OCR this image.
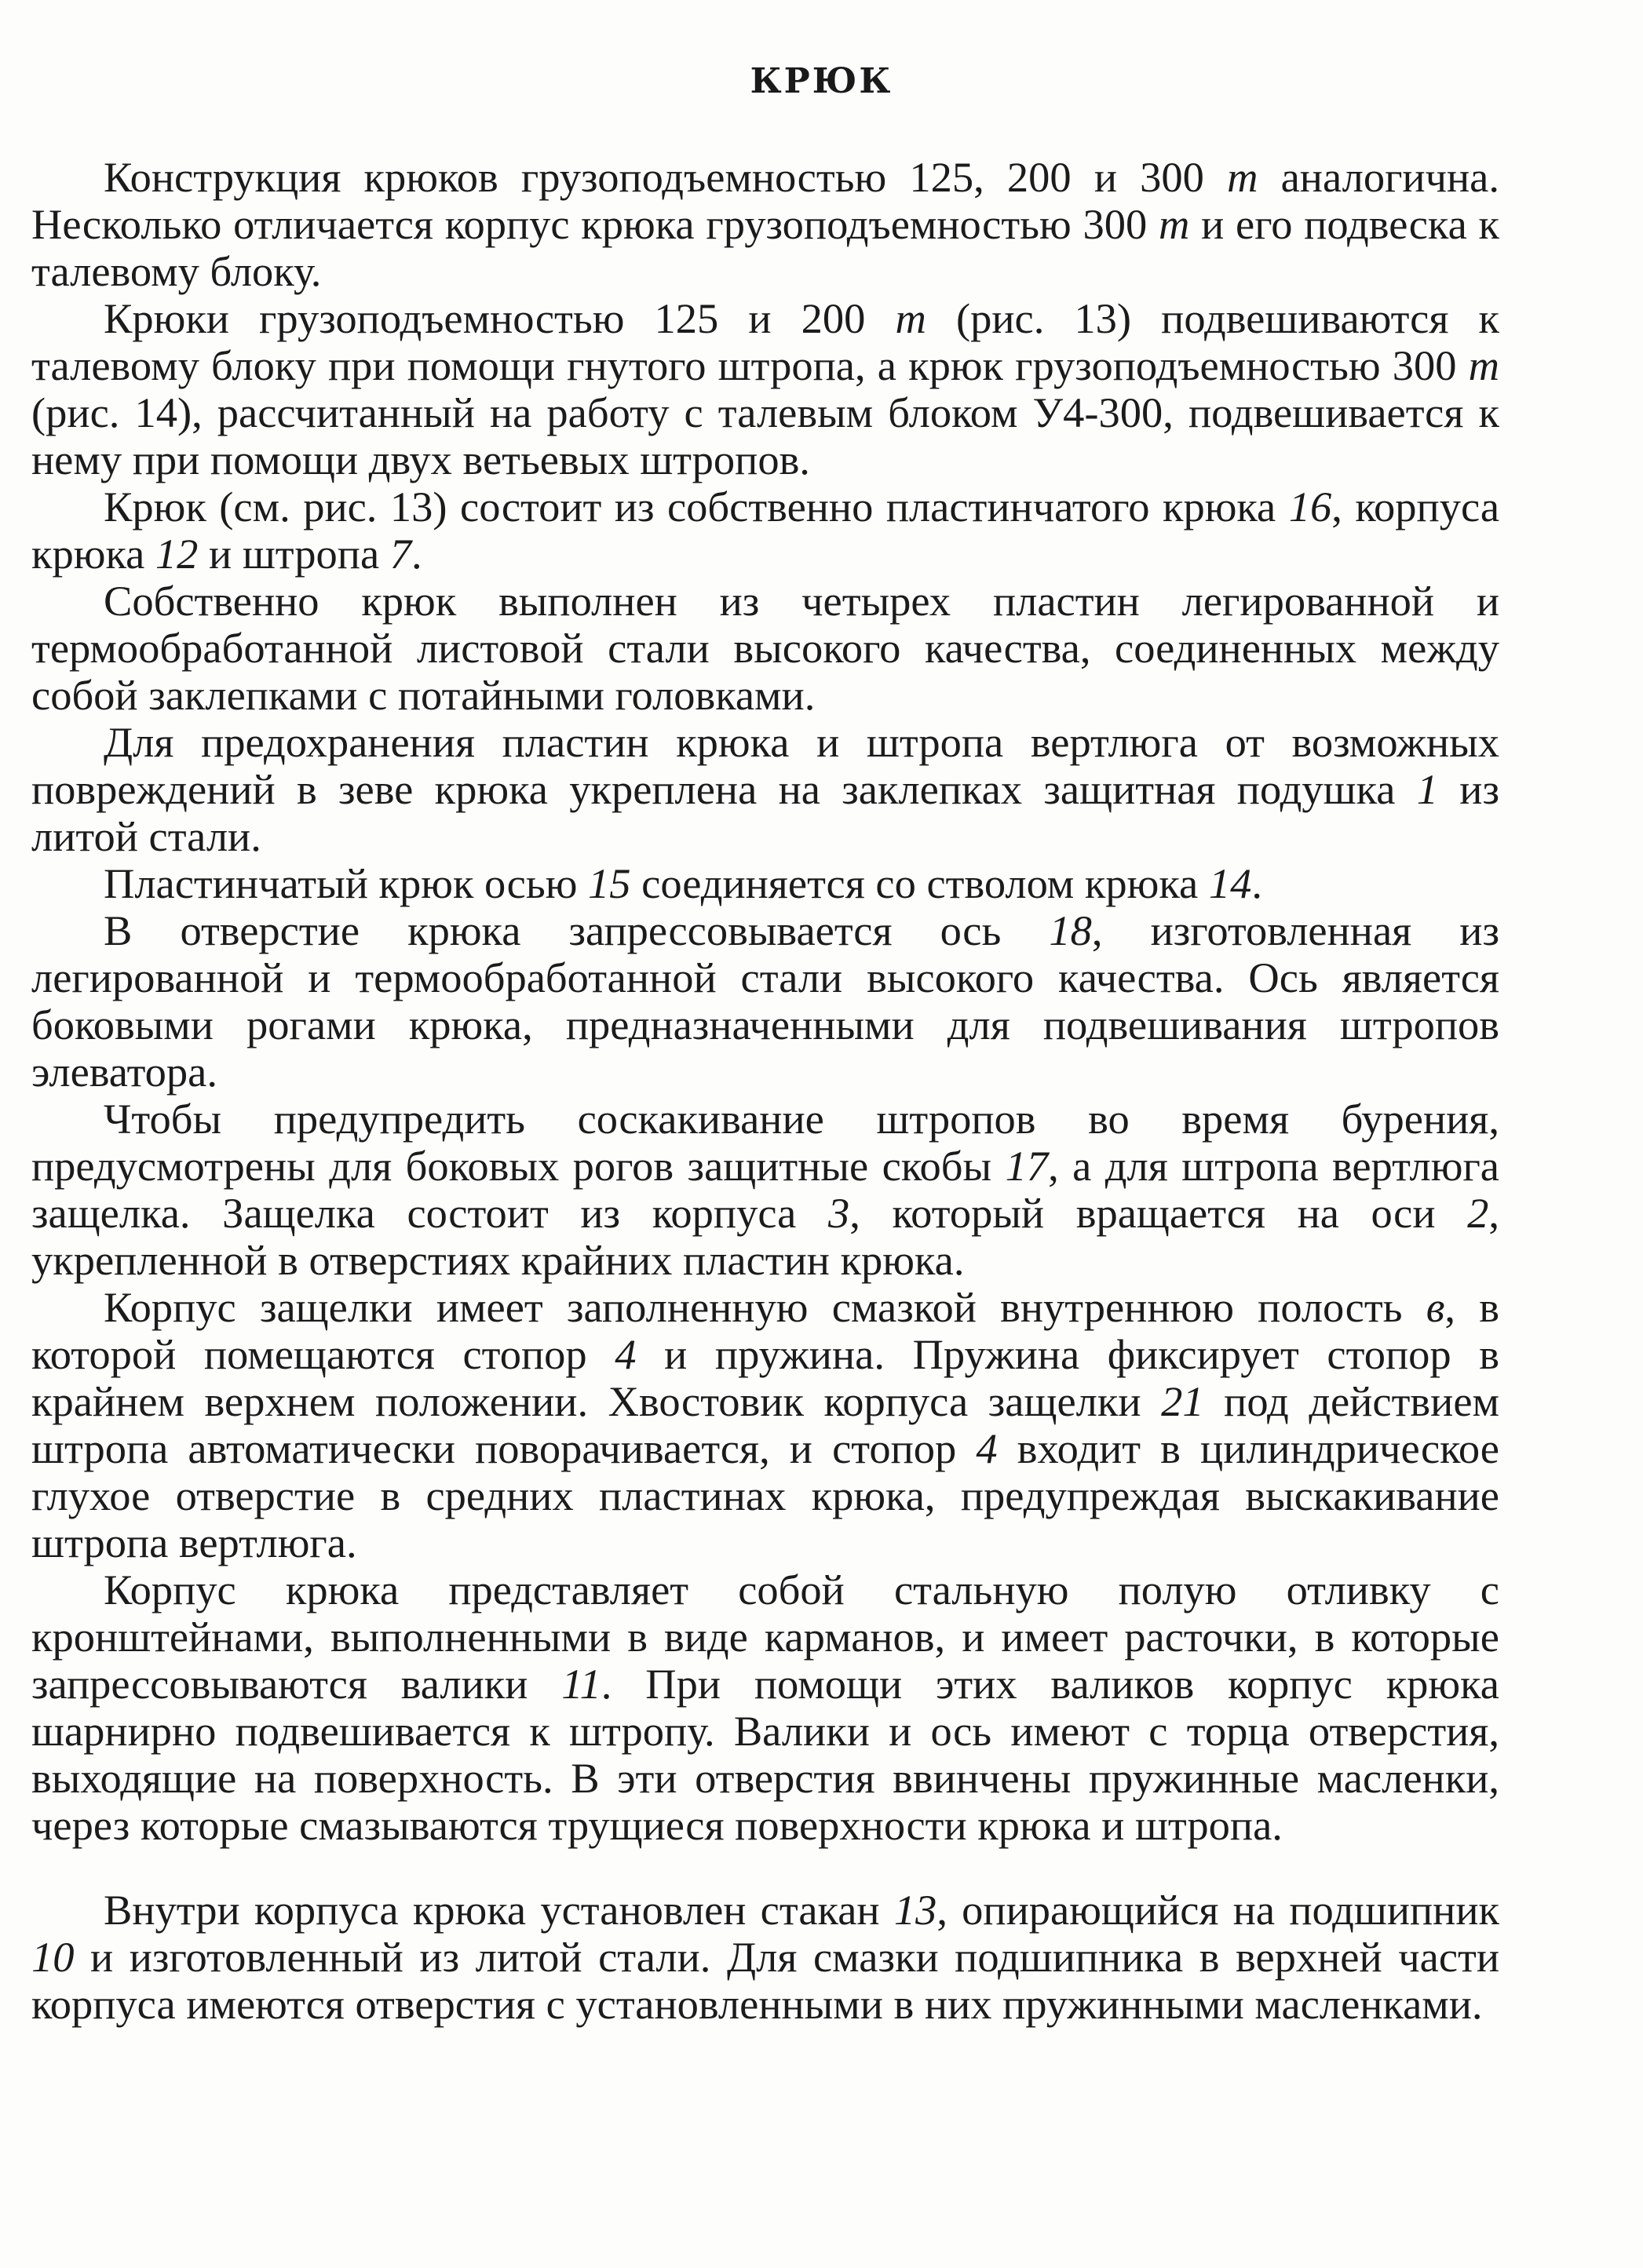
КРЮК

Конструкция крюков грузоподъемностью 125, 200 и 300 т аналогична. Несколько отличается корпус крюка грузоподъемностью 300 т и его подвеска к талевому блоку.

Крюки грузоподъемностью 125 и 200 т (рис. 13) подвешиваются к талевому блоку при помощи гнутого штропа, а крюк грузоподъемностью 300 т (рис. 14), рассчитанный на работу с талевым блоком У4-300, подвешивается к нему при помощи двух ветьевых штропов.

Крюк (см. рис. 13) состоит из собственно пластинчатого крюка 16, корпуса крюка 12 и штропа 7.

Собственно крюк выполнен из четырех пластин легированной и термообработанной листовой стали высокого качества, соединенных между собой заклепками с потайными головками.

Для предохранения пластин крюка и штропа вертлюга от возможных повреждений в зеве крюка укреплена на заклепках защитная подушка 1 из литой стали.

Пластинчатый крюк осью 15 соединяется со стволом крюка 14.

В отверстие крюка запрессовывается ось 18, изготовленная из легированной и термообработанной стали высокого качества. Ось является боковыми рогами крюка, предназначенными для подвешивания штропов элеватора.

Чтобы предупредить соскакивание штропов во время бурения, предусмотрены для боковых рогов защитные скобы 17, а для штропа вертлюга защелка. Защелка состоит из корпуса 3, который вращается на оси 2, укрепленной в отверстиях крайних пластин крюка.

Корпус защелки имеет заполненную смазкой внутреннюю полость в, в которой помещаются стопор 4 и пружина. Пружина фиксирует стопор в крайнем верхнем положении. Хвостовик корпуса защелки 21 под действием штропа автоматически поворачивается, и стопор 4 входит в цилиндрическое глухое отверстие в средних пластинах крюка, предупреждая выскакивание штропа вертлюга.

Корпус крюка представляет собой стальную полую отливку с кронштейнами, выполненными в виде карманов, и имеет расточки, в которые запрессовываются валики 11. При помощи этих валиков корпус крюка шарнирно подвешивается к штропу. Валики и ось имеют с торца отверстия, выходящие на поверхность. В эти отверстия ввинчены пружинные масленки, через которые смазываются трущиеся поверхности крюка и штропа.

Внутри корпуса крюка установлен стакан 13, опирающийся на подшипник 10 и изготовленный из литой стали. Для смазки подшипника в верхней части корпуса имеются отверстия с установленными в них пружинными масленками.
